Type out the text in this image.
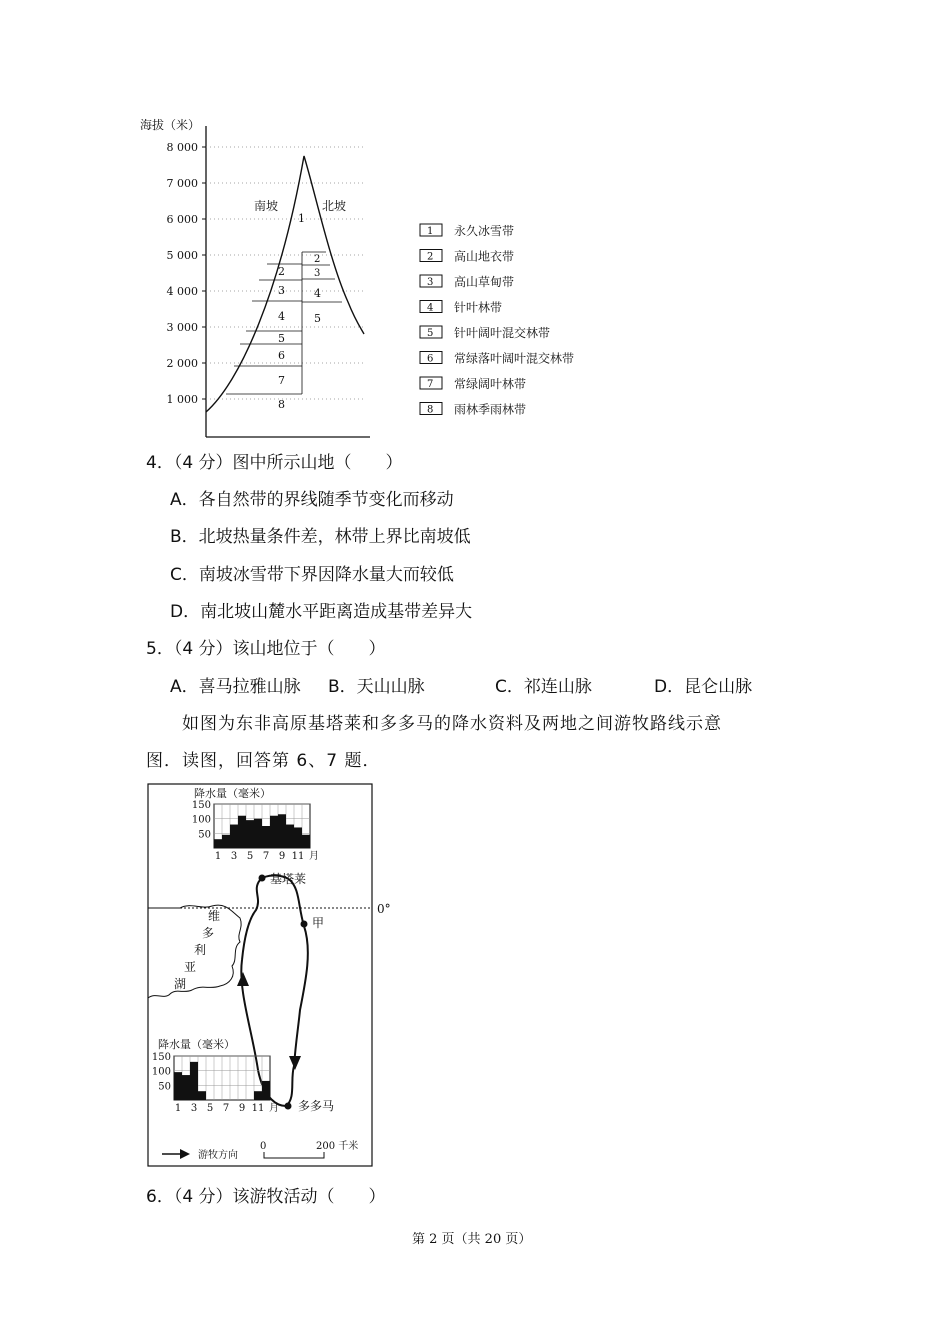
海拔（米）
8 000
7 000
6 000
5 000
4 000
3 000
2 000
1 000
南坡	北坡
1
2
3
4
5
6
7
8
2
3
4
5
1 永久冰雪带
2 高山地衣带
3 高山草甸带
4 针叶林带
5 针叶阔叶混交林带
6 常绿落叶阔叶混交林带
7 常绿阔叶林带
8 雨林季雨林带
4．（4 分）图中所示山地（　　）
A．各自然带的界线随季节变化而移动
B．北坡热量条件差，林带上界比南坡低
C．南坡冰雪带下界因降水量大而较低
D．南北坡山麓水平距离造成基带差异大
5．（4 分）该山地位于（　　）
A．喜马拉雅山脉 B．天山山脉	C．祁连山脉	D．昆仑山脉
如图为东非高原基塔莱和多多马的降水资料及两地之间游牧路线示意
图．读图，回答第 6、7 题．
0°
维
多
利
亚
湖
基塔莱
甲
多多马
降水量（毫米）
150
100
50
1 3 5 7 9 11 月
降水量（毫米）
150
100
50
1 3 5 7 9 11 月
游牧方向
0	200 千米
6．（4 分）该游牧活动（　　）
第 2 页（共 20 页）
